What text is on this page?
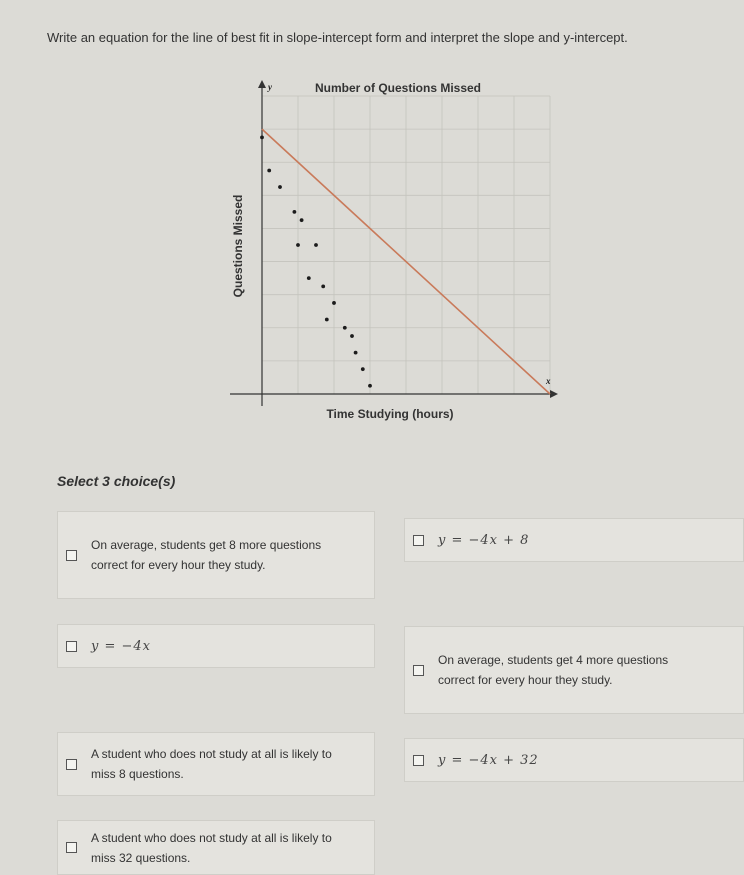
Write an equation for the line of best fit in slope-intercept form and interpret the slope and y-intercept.
y
x
Number of Questions Missed
Time Studying (hours)
Questions Missed
Select 3 choice(s)
On average, students get 8 more questions correct for every hour they study.
y = −4x + 8
y = −4x
On average, students get 4 more questions correct for every hour they study.
A student who does not study at all is likely to miss 8 questions.
y = −4x + 32
A student who does not study at all is likely to miss 32 questions.
